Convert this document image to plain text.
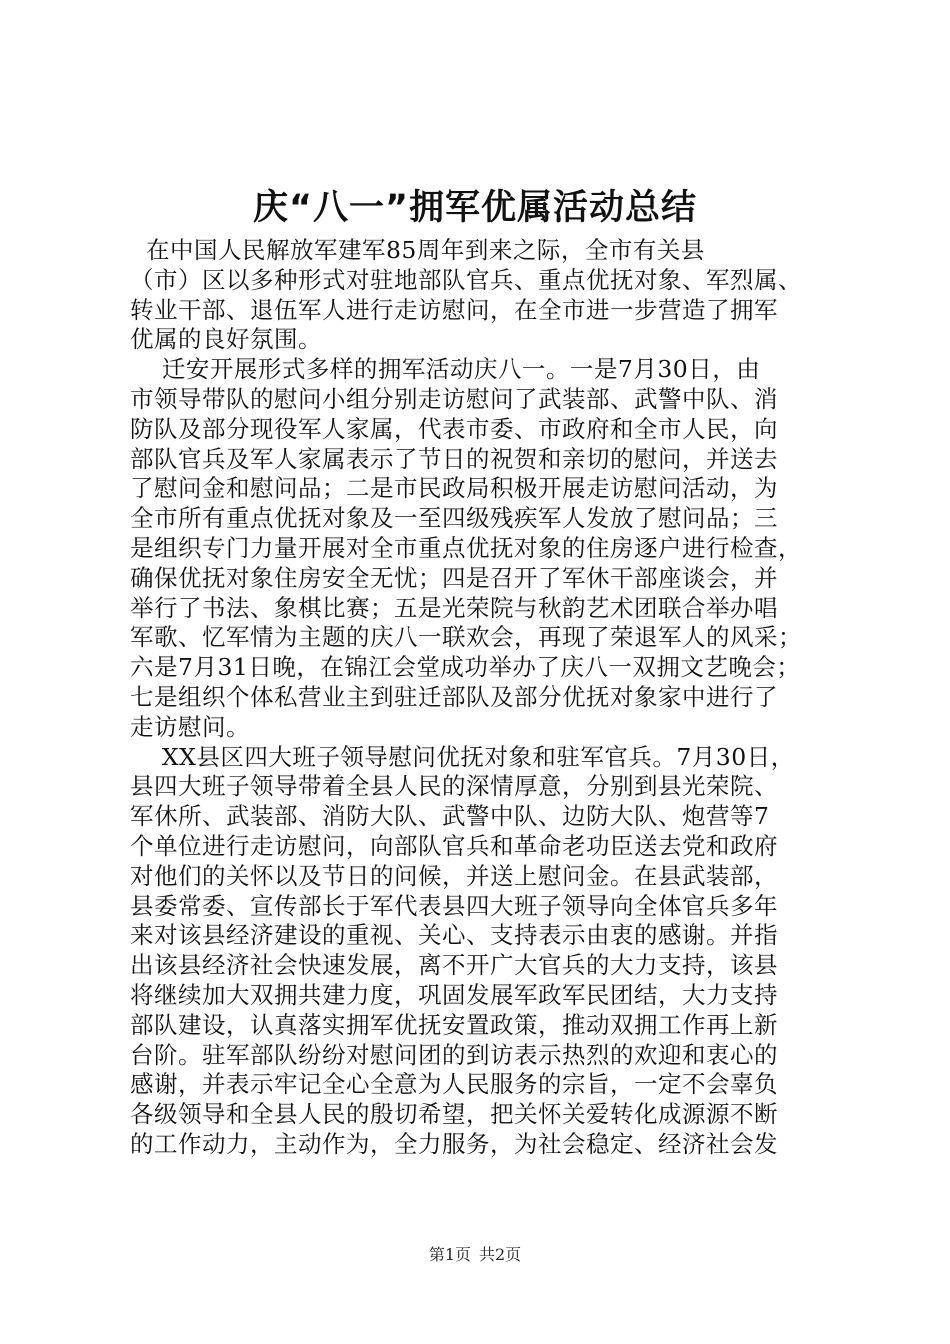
庆“八一”拥军优属活动总结
在中国人民解放军建军85周年到来之际，全市有关县
（市）区以多种形式对驻地部队官兵、重点优抚对象、军烈属、
转业干部、退伍军人进行走访慰问，在全市进一步营造了拥军
优属的良好氛围。
迁安开展形式多样的拥军活动庆八一。一是7月30日，由
市领导带队的慰问小组分别走访慰问了武装部、武警中队、消
防队及部分现役军人家属，代表市委、市政府和全市人民，向
部队官兵及军人家属表示了节日的祝贺和亲切的慰问，并送去
了慰问金和慰问品；二是市民政局积极开展走访慰问活动，为
全市所有重点优抚对象及一至四级残疾军人发放了慰问品；三
是组织专门力量开展对全市重点优抚对象的住房逐户进行检查，
确保优抚对象住房安全无忧；四是召开了军休干部座谈会，并
举行了书法、象棋比赛；五是光荣院与秋韵艺术团联合举办唱
军歌、忆军情为主题的庆八一联欢会，再现了荣退军人的风采；
六是7月31日晚，在锦江会堂成功举办了庆八一双拥文艺晚会；
七是组织个体私营业主到驻迁部队及部分优抚对象家中进行了
走访慰问。
XX县区四大班子领导慰问优抚对象和驻军官兵。7月30日，
县四大班子领导带着全县人民的深情厚意，分别到县光荣院、
军休所、武装部、消防大队、武警中队、边防大队、炮营等7
个单位进行走访慰问，向部队官兵和革命老功臣送去党和政府
对他们的关怀以及节日的问候，并送上慰问金。在县武装部，
县委常委、宣传部长于军代表县四大班子领导向全体官兵多年
来对该县经济建设的重视、关心、支持表示由衷的感谢。并指
出该县经济社会快速发展，离不开广大官兵的大力支持，该县
将继续加大双拥共建力度，巩固发展军政军民团结，大力支持
部队建设，认真落实拥军优抚安置政策，推动双拥工作再上新
台阶。驻军部队纷纷对慰问团的到访表示热烈的欢迎和衷心的
感谢，并表示牢记全心全意为人民服务的宗旨，一定不会辜负
各级领导和全县人民的殷切希望，把关怀关爱转化成源源不断
的工作动力，主动作为，全力服务，为社会稳定、经济社会发
第1页 共2页
